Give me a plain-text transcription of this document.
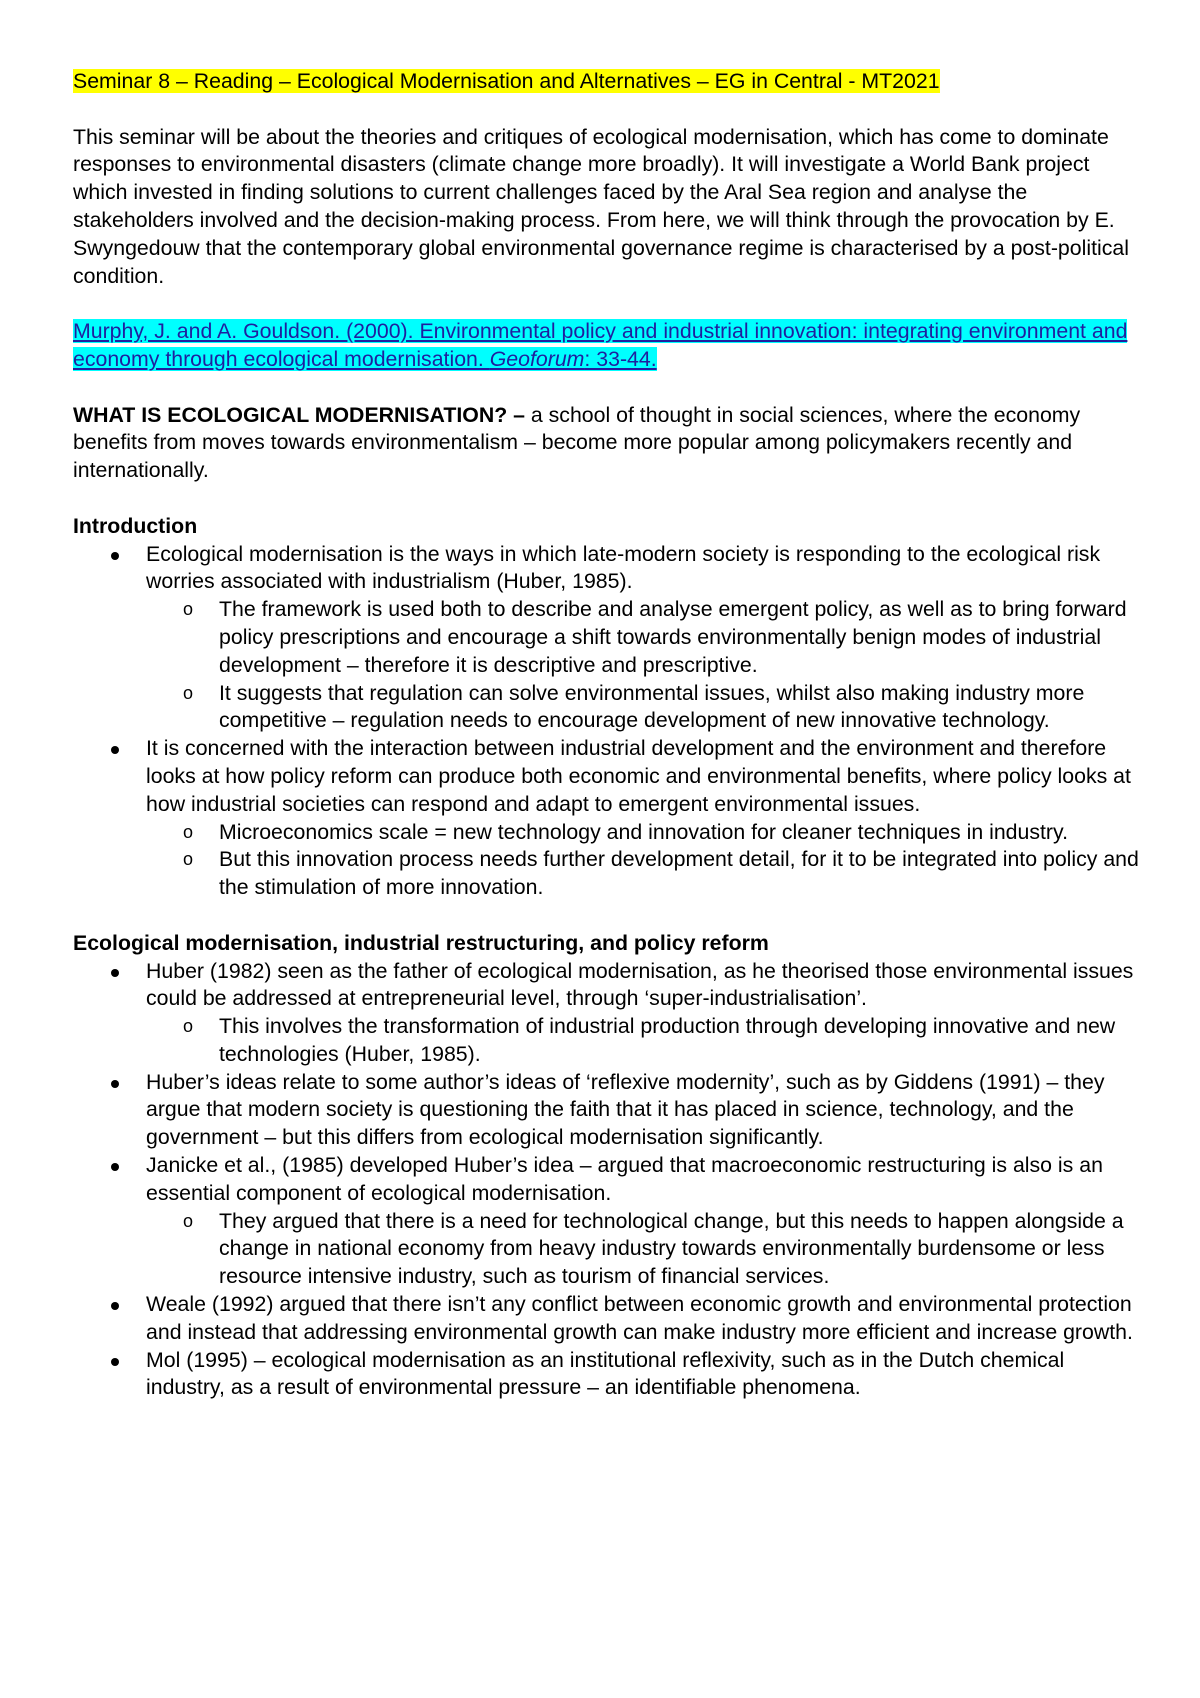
Seminar 8 – Reading – Ecological Modernisation and Alternatives – EG in Central - MT2021

This seminar will be about the theories and critiques of ecological modernisation, which has come to dominate responses to environmental disasters (climate change more broadly). It will investigate a World Bank project which invested in finding solutions to current challenges faced by the Aral Sea region and analyse the stakeholders involved and the decision-making process. From here, we will think through the provocation by E. Swyngedouw that the contemporary global environmental governance regime is characterised by a post-political condition.

Murphy, J. and A. Gouldson. (2000). Environmental policy and industrial innovation: integrating environment and economy through ecological modernisation. Geoforum: 33-44.

WHAT IS ECOLOGICAL MODERNISATION? – a school of thought in social sciences, where the economy benefits from moves towards environmentalism – become more popular among policymakers recently and internationally.

Introduction

Ecological modernisation is the ways in which late-modern society is responding to the ecological risk worries associated with industrialism (Huber, 1985).
o The framework is used both to describe and analyse emergent policy, as well as to bring forward policy prescriptions and encourage a shift towards environmentally benign modes of industrial development – therefore it is descriptive and prescriptive.
o It suggests that regulation can solve environmental issues, whilst also making industry more competitive – regulation needs to encourage development of new innovative technology.
It is concerned with the interaction between industrial development and the environment and therefore looks at how policy reform can produce both economic and environmental benefits, where policy looks at how industrial societies can respond and adapt to emergent environmental issues.
o Microeconomics scale = new technology and innovation for cleaner techniques in industry.
o But this innovation process needs further development detail, for it to be integrated into policy and the stimulation of more innovation.

Ecological modernisation, industrial restructuring, and policy reform

Huber (1982) seen as the father of ecological modernisation, as he theorised those environmental issues could be addressed at entrepreneurial level, through ‘super-industrialisation’.
o This involves the transformation of industrial production through developing innovative and new technologies (Huber, 1985).
Huber’s ideas relate to some author’s ideas of ‘reflexive modernity’, such as by Giddens (1991) – they argue that modern society is questioning the faith that it has placed in science, technology, and the government – but this differs from ecological modernisation significantly.
Janicke et al., (1985) developed Huber’s idea – argued that macroeconomic restructuring is also is an essential component of ecological modernisation.
o They argued that there is a need for technological change, but this needs to happen alongside a change in national economy from heavy industry towards environmentally burdensome or less resource intensive industry, such as tourism of financial services.
Weale (1992) argued that there isn’t any conflict between economic growth and environmental protection and instead that addressing environmental growth can make industry more efficient and increase growth.
Mol (1995) – ecological modernisation as an institutional reflexivity, such as in the Dutch chemical industry, as a result of environmental pressure – an identifiable phenomena.
